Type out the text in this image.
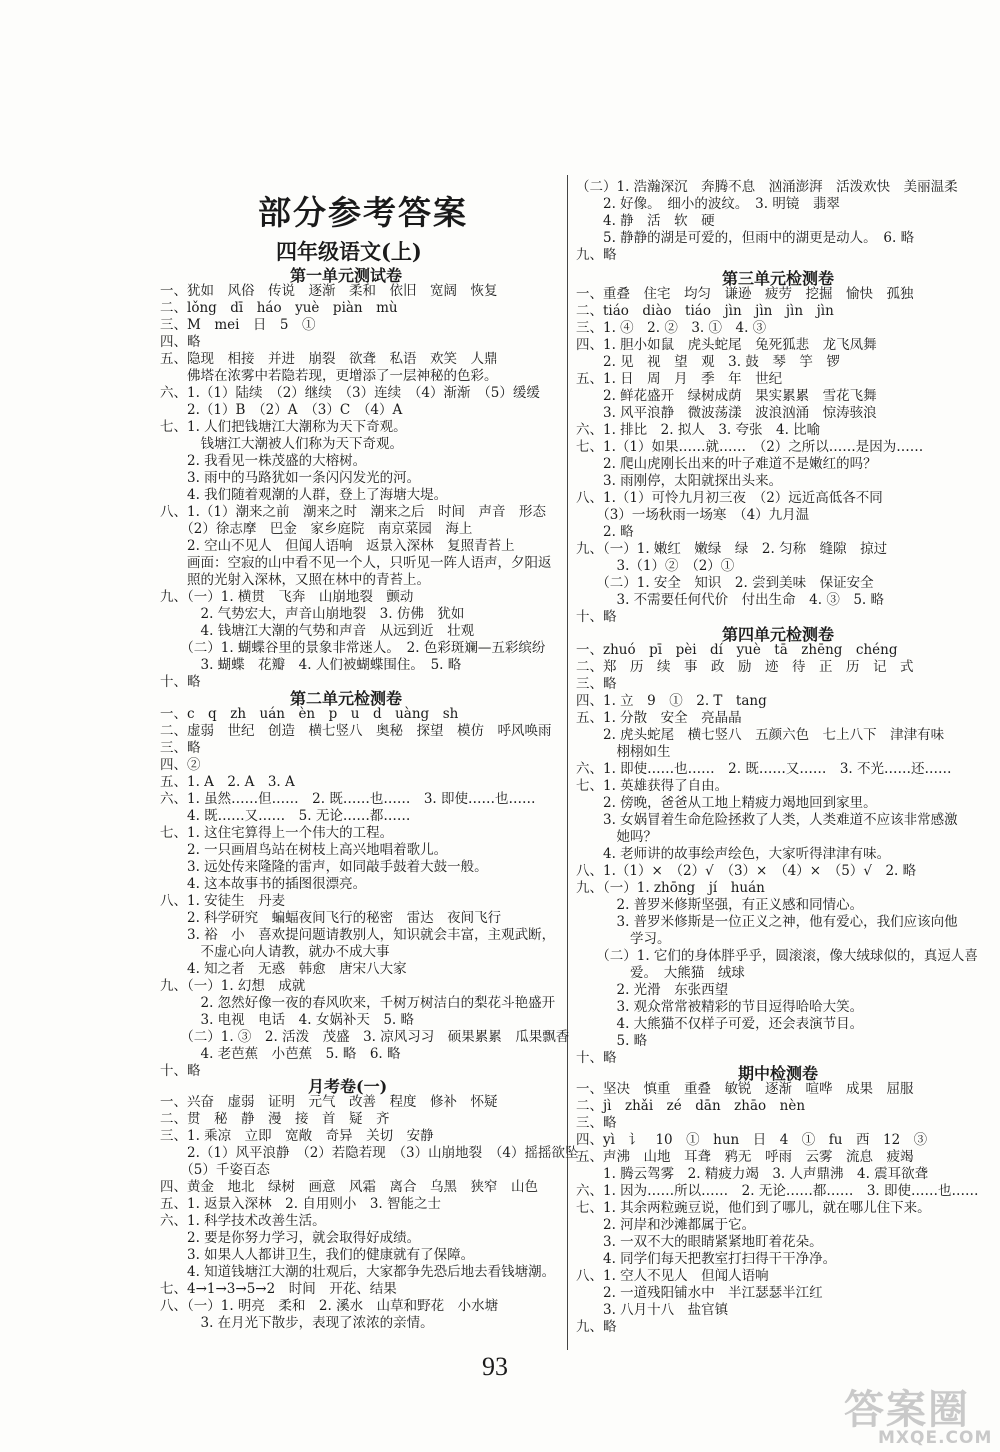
部分参考答案
四年级语文(上)
第一单元测试卷
第二单元检测卷
月考卷(一)
第三单元检测卷
第四单元检测卷
期中检测卷
一、犹如　风俗　传说　逐渐　柔和　依旧　宽阔　恢复
二、lǒng　dī　háo　yuè　piàn　mù
三、M　mei　日　5　①
四、略
五、隐现　相接　并进　崩裂　欲聋　私语　欢笑　人鼎
　　佛塔在浓雾中若隐若现，更增添了一层神秘的色彩。
六、1.（1）陆续　（2）继续　（3）连续　（4）渐渐　（5）缓缓
　　2.（1）B　（2）A　（3）C　（4）A
七、1. 人们把钱塘江大潮称为天下奇观。
　　　钱塘江大潮被人们称为天下奇观。
　　2. 我看见一株茂盛的大榕树。
　　3. 雨中的马路犹如一条闪闪发光的河。
　　4. 我们随着观潮的人群，登上了海塘大堤。
八、1.（1）潮来之前　潮来之时　潮来之后　时间　声音　形态
　　（2）徐志摩　巴金　家乡庭院　南京菜园　海上
　　2. 空山不见人　但闻人语响　返景入深林　复照青苔上
　　画面：空寂的山中看不见一个人，只听见一阵人语声，夕阳返
　　照的光射入深林，又照在林中的青苔上。
九、（一）1. 横贯　飞奔　山崩地裂　颤动
　　　2. 气势宏大，声音山崩地裂　3. 仿佛　犹如
　　　4. 钱塘江大潮的气势和声音　从远到近　壮观
　　（二）1. 蝴蝶谷里的景象非常迷人。　2. 色彩斑斓—五彩缤纷
　　　3. 蝴蝶　花瓣　4. 人们被蝴蝶围住。　5. 略
十、略
一、c　q　zh　uán　èn　p　u　d　uàng　sh
二、虚弱　世纪　创造　横七竖八　奥秘　探望　模仿　呼风唤雨
三、略
四、②
五、1. A　2. A　3. A
六、1. 虽然……但……　2. 既……也……　3. 即使……也……
　　4. 既……又……　5. 无论……都……
七、1. 这住宅算得上一个伟大的工程。
　　2. 一只画眉鸟站在树枝上高兴地唱着歌儿。
　　3. 远处传来隆隆的雷声，如同敲手鼓着大鼓一般。
　　4. 这本故事书的插图很漂亮。
八、1. 安徒生　丹麦
　　2. 科学研究　蝙蝠夜间飞行的秘密　雷达　夜间飞行
　　3. 裕　小　喜欢提问题请教别人，知识就会丰富，主观武断，
　　　不虚心向人请教，就办不成大事
　　4. 知之者　无惑　韩愈　唐宋八大家
九、（一）1. 幻想　成就
　　　2. 忽然好像一夜的春风吹来，千树万树洁白的梨花斗艳盛开
　　　3. 电视　电话　4. 女娲补天　5. 略
　　（二）1. ③　2. 活泼　茂盛　3. 凉风习习　硕果累累　瓜果飘香
　　　4. 老芭蕉　小芭蕉　5. 略　6. 略
十、略
一、兴奋　虚弱　证明　元气　改善　程度　修补　怀疑
二、贯　秘　静　漫　接　首　疑　齐
三、1. 乘凉　立即　宽敞　奇异　关切　安静
　　2.（1）风平浪静　（2）若隐若现　（3）山崩地裂　（4）摇摇欲坠
　　（5）千姿百态
四、黄金　地北　绿树　画意　风霜　离合　乌黑　狭窄　山色
五、1. 返景入深林　2. 自用则小　3. 智能之士
六、1. 科学技术改善生活。
　　2. 要是你努力学习，就会取得好成绩。
　　3. 如果人人都讲卫生，我们的健康就有了保障。
　　4. 知道钱塘江大潮的壮观后，大家都争先恐后地去看钱塘潮。
七、4→1→3→5→2　时间　开花、结果
八、（一）1. 明亮　柔和　2. 溪水　山草和野花　小水塘
　　　3. 在月光下散步，表现了浓浓的亲情。
（二）1. 浩瀚深沉　奔腾不息　汹涌澎湃　活泼欢快　美丽温柔
　　2. 好像。　细小的波纹。　3. 明镜　翡翠
　　4. 静　活　软　硬
　　5. 静静的湖是可爱的，但雨中的湖更是动人。　6. 略
九、略
一、重叠　住宅　均匀　谦逊　疲劳　挖掘　愉快　孤独
二、tiáo　diào　tiáo　jìn　jìn　jìn　jìn
三、1. ④　2. ②　3. ①　4. ③
四、1. 胆小如鼠　虎头蛇尾　兔死狐悲　龙飞凤舞
　　2. 见　视　望　观　3. 鼓　琴　竽　锣
五、1. 日　周　月　季　年　世纪
　　2. 鲜花盛开　绿树成荫　果实累累　雪花飞舞
　　3. 风平浪静　微波荡漾　波浪汹涌　惊涛骇浪
六、1. 排比　2. 拟人　3. 夸张　4. 比喻
七、1.（1）如果……就……　（2）之所以……是因为……
　　2. 爬山虎刚长出来的叶子难道不是嫩红的吗？
　　3. 雨刚停，太阳就探出头来。
八、1.（1）可怜九月初三夜　（2）远近高低各不同
　　（3）一场秋雨一场寒　（4）九月温
　　2. 略
九、（一）1. 嫩红　嫩绿　绿　2. 匀称　缝隙　掠过
　　　3.（1）②　（2）①
　　（二）1. 安全　知识　2. 尝到美味　保证安全
　　　3. 不需要任何代价　付出生命　4. ③　5. 略
十、略
一、zhuó　pī　pèi　dí　yuè　tā　zhēng　chéng
二、郑　历　续　事　政　励　迹　待　正　历　记　式
三、略
四、1. 立　9　①　2. T　tang
五、1. 分散　安全　亮晶晶
　　2. 虎头蛇尾　横七竖八　五颜六色　七上八下　津津有味
　　　栩栩如生
六、1. 即使……也……　2. 既……又……　3. 不光……还……
七、1. 英雄获得了自由。
　　2. 傍晚，爸爸从工地上精疲力竭地回到家里。
　　3. 女娲冒着生命危险拯救了人类，人类难道不应该非常感激
　　　她吗？
　　4. 老师讲的故事绘声绘色，大家听得津津有味。
八、1.（1）×　（2）√　（3）×　（4）×　（5）√　2. 略
九、（一）1. zhōng　jí　huán
　　　2. 普罗米修斯坚强，有正义感和同情心。
　　　3. 普罗米修斯是一位正义之神，他有爱心，我们应该向他
　　　　学习。
　　（二）1. 它们的身体胖乎乎，圆滚滚，像大绒球似的，真逗人喜
　　　　爱。　大熊猫　绒球
　　　2. 光滑　东张西望
　　　3. 观众常常被精彩的节目逗得哈哈大笑。
　　　4. 大熊猫不仅样子可爱，还会表演节目。
　　　5. 略
十、略
一、坚决　慎重　重叠　敏锐　逐渐　喧哗　成果　屈服
二、jì　zhǎi　zé　dān　zhāo　nèn
三、略
四、yì　讠　10　①　hun　日　4　①　fu　西　12　③
五、声沸　山地　耳聋　鸦无　呼雨　云雾　流息　疲竭
　　1. 腾云驾雾　2. 精疲力竭　3. 人声鼎沸　4. 震耳欲聋
六、1. 因为……所以……　2. 无论……都……　3. 即使……也……
七、1. 其余两粒豌豆说，他们到了哪儿，就在哪儿住下来。
　　2. 河岸和沙滩都属于它。
　　3. 一双不大的眼睛紧紧地盯着花朵。
　　4. 同学们每天把教室打扫得干干净净。
八、1. 空人不见人　但闻人语响
　　2. 一道残阳铺水中　半江瑟瑟半江红
　　3. 八月十八　盐官镇
九、略
93
答案圈
MXQE.COM
